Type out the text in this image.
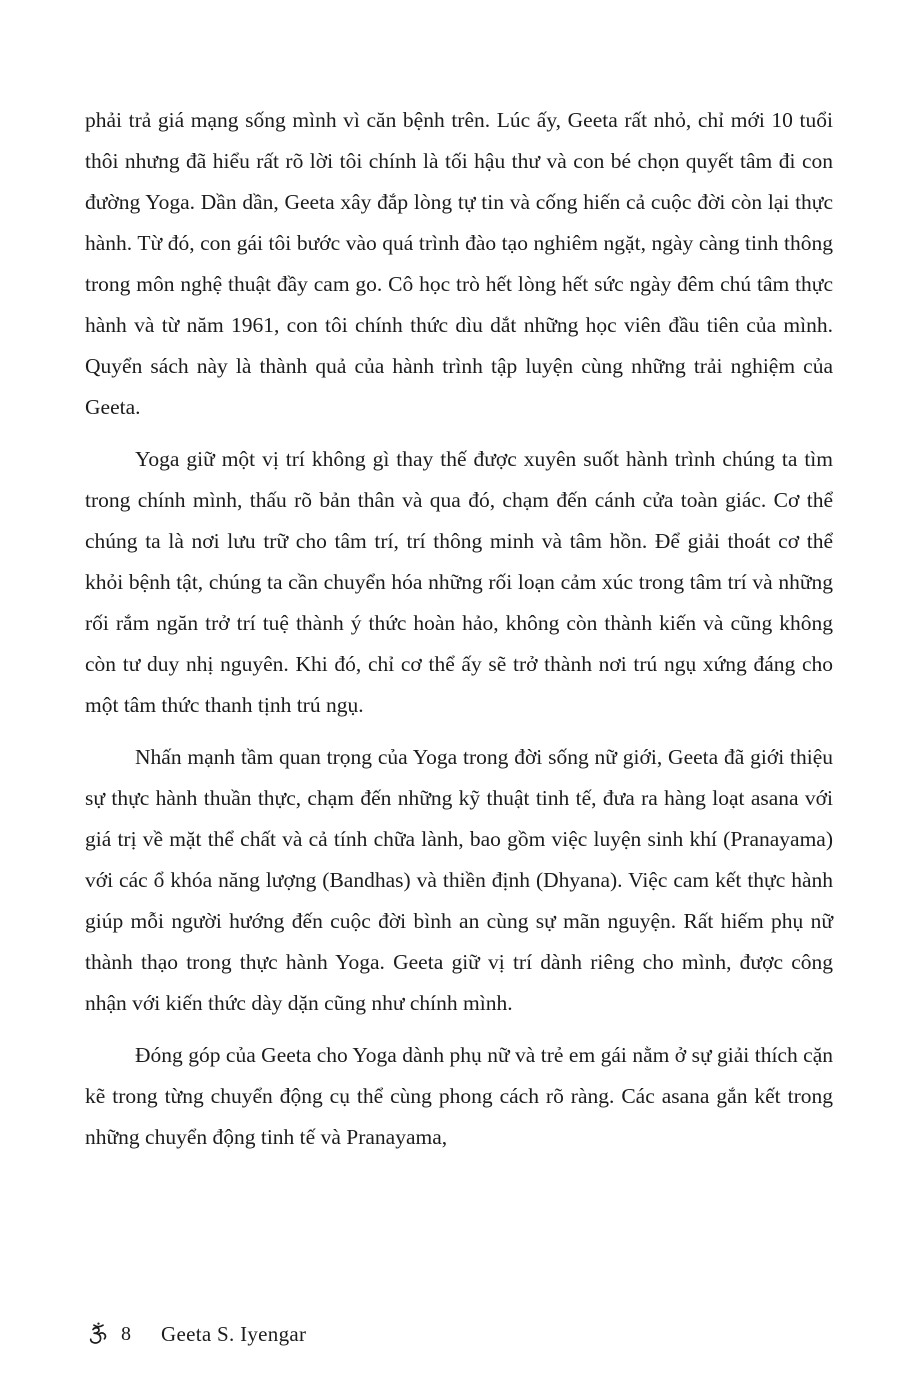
phải trả giá mạng sống mình vì căn bệnh trên. Lúc ấy, Geeta rất nhỏ, chỉ mới 10 tuổi thôi nhưng đã hiểu rất rõ lời tôi chính là tối hậu thư và con bé chọn quyết tâm đi con đường Yoga. Dần dần, Geeta xây đắp lòng tự tin và cống hiến cả cuộc đời còn lại thực hành. Từ đó, con gái tôi bước vào quá trình đào tạo nghiêm ngặt, ngày càng tinh thông trong môn nghệ thuật đầy cam go. Cô học trò hết lòng hết sức ngày đêm chú tâm thực hành và từ năm 1961, con tôi chính thức dìu dắt những học viên đầu tiên của mình. Quyển sách này là thành quả của hành trình tập luyện cùng những trải nghiệm của Geeta.

Yoga giữ một vị trí không gì thay thế được xuyên suốt hành trình chúng ta tìm trong chính mình, thấu rõ bản thân và qua đó, chạm đến cánh cửa toàn giác. Cơ thể chúng ta là nơi lưu trữ cho tâm trí, trí thông minh và tâm hồn. Để giải thoát cơ thể khỏi bệnh tật, chúng ta cần chuyển hóa những rối loạn cảm xúc trong tâm trí và những rối rắm ngăn trở trí tuệ thành ý thức hoàn hảo, không còn thành kiến và cũng không còn tư duy nhị nguyên. Khi đó, chỉ cơ thể ấy sẽ trở thành nơi trú ngụ xứng đáng cho một tâm thức thanh tịnh trú ngụ.

Nhấn mạnh tầm quan trọng của Yoga trong đời sống nữ giới, Geeta đã giới thiệu sự thực hành thuần thực, chạm đến những kỹ thuật tinh tế, đưa ra hàng loạt asana với giá trị về mặt thể chất và cả tính chữa lành, bao gồm việc luyện sinh khí (Pranayama) với các ổ khóa năng lượng (Bandhas) và thiền định (Dhyana). Việc cam kết thực hành giúp mỗi người hướng đến cuộc đời bình an cùng sự mãn nguyện. Rất hiếm phụ nữ thành thạo trong thực hành Yoga. Geeta giữ vị trí dành riêng cho mình, được công nhận với kiến thức dày dặn cũng như chính mình.

Đóng góp của Geeta cho Yoga dành phụ nữ và trẻ em gái nằm ở sự giải thích cặn kẽ trong từng chuyển động cụ thể cùng phong cách rõ ràng. Các asana gắn kết trong những chuyển động tinh tế và Pranayama,

8 Geeta S. Iyengar
